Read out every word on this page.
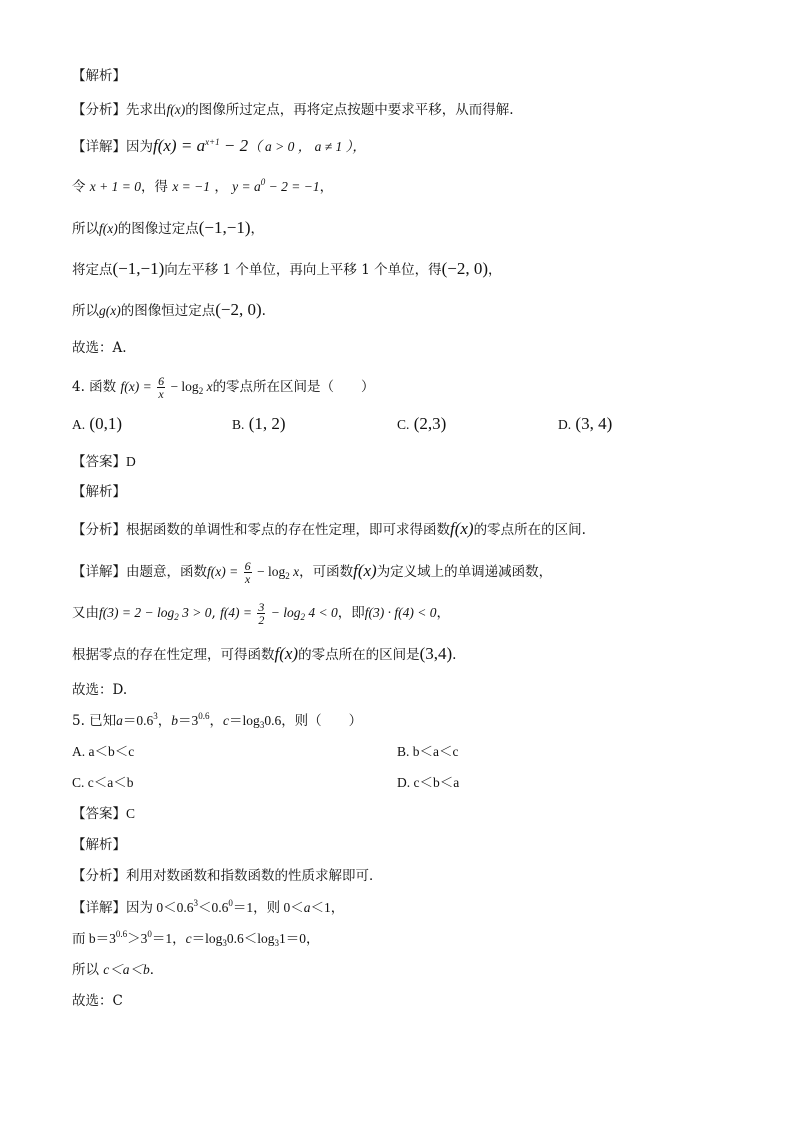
【解析】
【分析】先求出f(x)的图像所过定点，再将定点按题中要求平移，从而得解.
【详解】因为$f(x) = a^{x+1} - 2$（ a > 0 ， a ≠ 1 ），
令 x + 1 = 0，得 x = −1 ， $y = a^0 - 2 = -1$，
所以f(x)的图像过定点(−1,−1)，
将定点(−1,−1)向左平移 1 个单位，再向上平移 1 个单位，得(−2, 0)，
所以g(x)的图像恒过定点(−2, 0).
故选：A.
4. 函数 $f(x) = \frac{6}{x} - \log_2 x$的零点所在区间是（　　）
A. (0,1)	B. (1, 2)	C. (2,3)	D. (3, 4)
【答案】D
【解析】
【分析】根据函数的单调性和零点的存在性定理，即可求得函数f(x)的零点所在的区间.
【详解】由题意，函数$f(x) = \frac{6}{x} - \log_2 x$，可函数f(x)为定义域上的单调递减函数，
又由$f(3) = 2 - \log_2 3 > 0$, $f(4) = \frac{3}{2} - \log_2 4 < 0$，即f(3) · f(4) < 0，
根据零点的存在性定理，可得函数f(x)的零点所在的区间是(3,4).
故选：D.
5. 已知$a=0.6^3$，$b=3^{0.6}$，$c=\log_30.6$，则（　　）
A. a＜b＜c	B. b＜a＜c
C. c＜a＜b	D. c＜b＜a
【答案】C
【解析】
【分析】利用对数函数和指数函数的性质求解即可．
【详解】因为 $0<0.6^3<0.6^0=1$，则 0＜a＜1，
而 $b=3^{0.6}>3^0=1$，$c=\log_30.6<\log_31=0$，
所以 c＜a＜b．
故选：C
